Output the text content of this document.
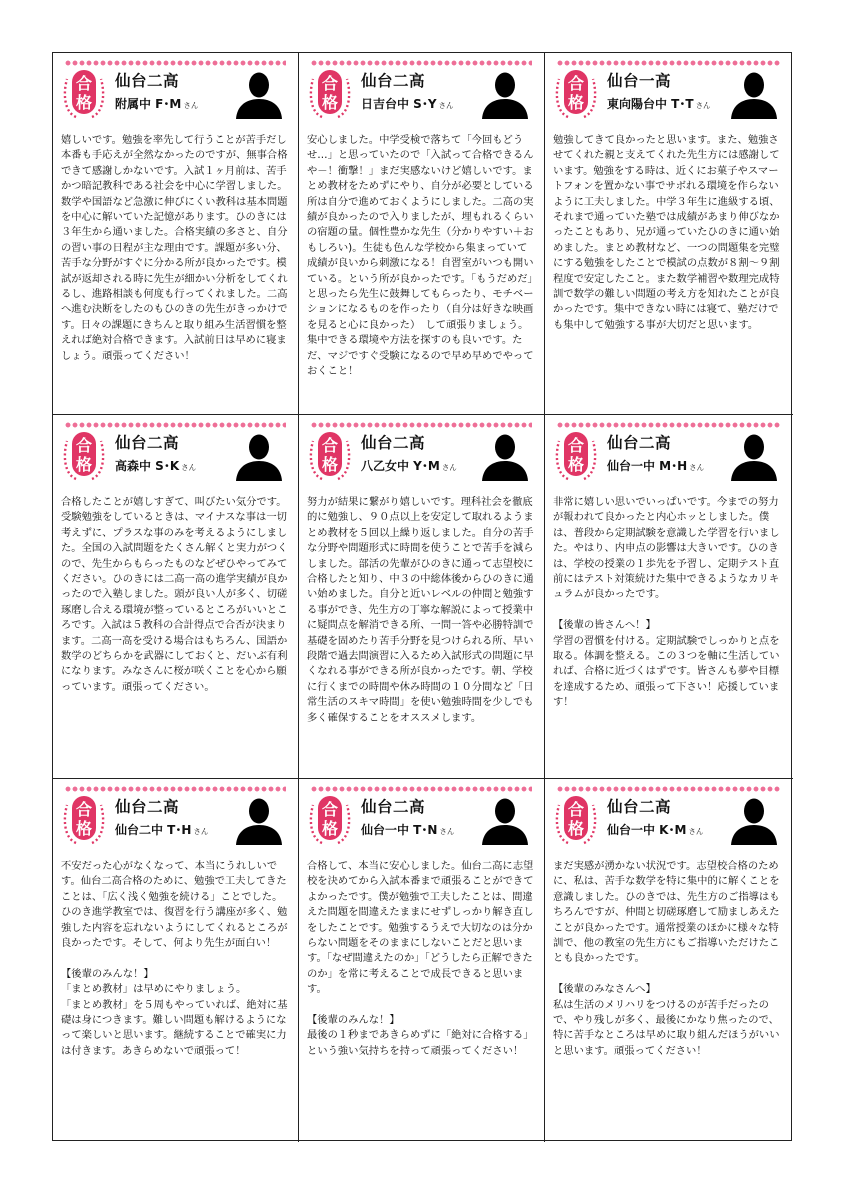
合
格
仙台二高
附属中 F･M さん
嬉しいです。勉強を率先して行うことが苦手だし本番も手応えが全然なかったのですが、無事合格できて感謝しかないです。入試１ヶ月前は、苦手かつ暗記教科である社会を中心に学習しました。数学や国語など急激に伸びにくい教科は基本問題を中心に解いていた記憶があります。ひのきには３年生から通いました。合格実績の多さと、自分の習い事の日程が主な理由です。課題が多い分、苦手な分野がすぐに分かる所が良かったです。模試が返却される時に先生が細かい分析をしてくれるし、進路相談も何度も行ってくれました。二高へ進む決断をしたのもひのきの先生がきっかけです。日々の課題にきちんと取り組み生活習慣を整えれば絶対合格できます。入試前日は早めに寝ましょう。頑張ってください！
合
格
仙台二高
日吉台中 S･Y さん
安心しました。中学受検で落ちて「今回もどうせ…」と思っていたので「入試って合格できるんや－！衝撃！」まだ実感ないけど嬉しいです。まとめ教材をためずにやり、自分が必要としている所は自分で進めておくようにしました。二高の実績が良かったので入りましたが、埋もれるくらいの宿題の量。個性豊かな先生（分かりやすい＋おもしろい)。生徒も色んな学校から集まっていて成績が良いから刺激になる！自習室がいつも開いている。という所が良かったです。「もうだめだ」と思ったら先生に鼓舞してもらったり、モチベーションになるものを作ったり（自分は好きな映画を見ると心に良かった）　して頑張りましょう。集中できる環境や方法を探すのも良いです。ただ、マジですぐ受験になるので早め早めでやっておくこと！
合
格
仙台一高
東向陽台中 T･T さん
勉強してきて良かったと思います。また、勉強させてくれた親と支えてくれた先生方には感謝しています。勉強をする時は、近くにお菓子やスマートフォンを置かない事でサボれる環境を作らないように工夫しました。中学３年生に進級する頃、それまで通っていた塾では成績があまり伸びなかったこともあり、兄が通っていたひのきに通い始めました。まとめ教材など、一つの問題集を完璧にする勉強をしたことで模試の点数が８割～９割程度で安定したこと。また数学補習や数理完成特訓で数学の難しい問題の考え方を知れたことが良かったです。集中できない時には寝て、塾だけでも集中して勉強する事が大切だと思います。
合
格
仙台二高
高森中 S･K さん
合格したことが嬉しすぎて、叫びたい気分です。受験勉強をしているときは、マイナスな事は一切考えずに、プラスな事のみを考えるようにしました。全国の入試問題をたくさん解くと実力がつくので、先生からもらったものなどぜひやってみてください。ひのきには二高一高の進学実績が良かったので入塾しました。頭が良い人が多く、切磋琢磨し合える環境が整っているところがいいところです。入試は５教科の合計得点で合否が決まります。二高一高を受ける場合はもちろん、国語か数学のどちらかを武器にしておくと、だいぶ有利になります。みなさんに桜が咲くことを心から願っています。頑張ってください。
合
格
仙台二高
八乙女中 Y･M さん
努力が結果に繋がり嬉しいです。理科社会を徹底的に勉強し、９０点以上を安定して取れるようまとめ教材を５回以上繰り返しました。自分の苦手な分野や問題形式に時間を使うことで苦手を減らしました。部活の先輩がひのきに通って志望校に合格したと知り、中３の中総体後からひのきに通い始めました。自分と近いレベルの仲間と勉強する事ができ、先生方の丁寧な解説によって授業中に疑問点を解消できる所、一問一答や必勝特訓で基礎を固めたり苦手分野を見つけられる所、早い段階で過去問演習に入るため入試形式の問題に早くなれる事ができる所が良かったです。朝、学校に行くまでの時間や休み時間の１０分間など「日常生活のスキマ時間」を使い勉強時間を少しでも多く確保することをオススメします。
合
格
仙台二高
仙台一中 M･H さん
非常に嬉しい思いでいっぱいです。今までの努力が報われて良かったと内心ホッとしました。僕は、普段から定期試験を意識した学習を行いました。やはり、内申点の影響は大きいです。ひのきは、学校の授業の１歩先を予習し、定期テスト直前にはテスト対策続けた集中できるようなカリキュラムが良かったです。

【後輩の皆さんへ！】
学習の習慣を付ける。定期試験でしっかりと点を取る。体調を整える。この３つを軸に生活していれば、合格に近づくはずです。皆さんも夢や目標を達成するため、頑張って下さい！応援しています！
合
格
仙台二高
仙台二中 T･H さん
不安だった心がなくなって、本当にうれしいです。仙台二高合格のために、勉強で工夫してきたことは、「広く浅く勉強を続ける」ことでした。ひのき進学教室では、復習を行う講座が多く、勉強した内容を忘れないようにしてくれるところが良かったです。そして、何より先生が面白い！

【後輩のみんな！】
「まとめ教材」は早めにやりましょう。
「まとめ教材」を５周もやっていれば、絶対に基礎は身につきます。難しい問題も解けるようになって楽しいと思います。継続することで確実に力は付きます。あきらめないで頑張って！
合
格
仙台二高
仙台一中 T･N さん
合格して、本当に安心しました。仙台二高に志望校を決めてから入試本番まで頑張ることができてよかったです。僕が勉強で工夫したことは、間違えた問題を間違えたままにせずしっかり解き直しをしたことです。勉強するうえで大切なのは分からない問題をそのままにしないことだと思います。「なぜ間違えたのか」「どうしたら正解できたのか」を常に考えることで成長できると思います。

【後輩のみんな！】
最後の１秒まであきらめずに「絶対に合格する」という強い気持ちを持って頑張ってください！
合
格
仙台二高
仙台一中 K･M さん
まだ実感が湧かない状況です。志望校合格のために、私は、苦手な数学を特に集中的に解くことを意識しました。ひのきでは、先生方のご指導はもちろんですが、仲間と切磋琢磨して励ましあえたことが良かったです。通常授業のほかに様々な特訓で、他の教室の先生方にもご指導いただけたことも良かったです。

【後輩のみなさんへ】
私は生活のメリハリをつけるのが苦手だったので、やり残しが多く、最後にかなり焦ったので、特に苦手なところは早めに取り組んだほうがいいと思います。頑張ってください！
